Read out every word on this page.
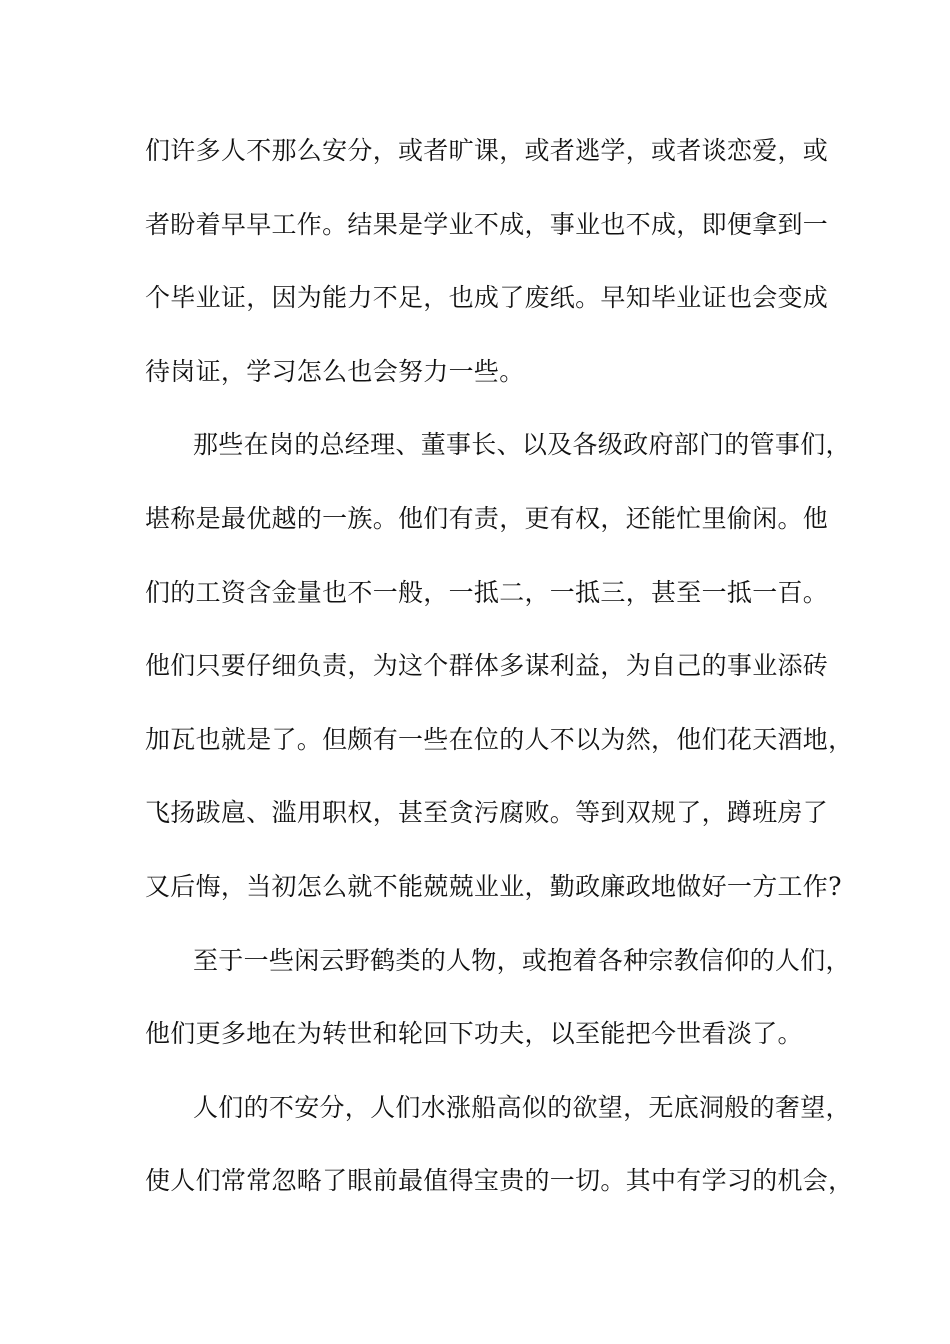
们许多人不那么安分，或者旷课，或者逃学，或者谈恋爱，或
者盼着早早工作。结果是学业不成，事业也不成，即便拿到一
个毕业证，因为能力不足，也成了废纸。早知毕业证也会变成
待岗证，学习怎么也会努力一些。
那些在岗的总经理、董事长、以及各级政府部门的管事们，
堪称是最优越的一族。他们有责，更有权，还能忙里偷闲。他
们的工资含金量也不一般，一抵二，一抵三，甚至一抵一百。
他们只要仔细负责，为这个群体多谋利益，为自己的事业添砖
加瓦也就是了。但颇有一些在位的人不以为然，他们花天酒地，
飞扬跋扈、滥用职权，甚至贪污腐败。等到双规了，蹲班房了
又后悔，当初怎么就不能兢兢业业，勤政廉政地做好一方工作?
至于一些闲云野鹤类的人物，或抱着各种宗教信仰的人们，
他们更多地在为转世和轮回下功夫，以至能把今世看淡了。
人们的不安分，人们水涨船高似的欲望，无底洞般的奢望，
使人们常常忽略了眼前最值得宝贵的一切。其中有学习的机会，
